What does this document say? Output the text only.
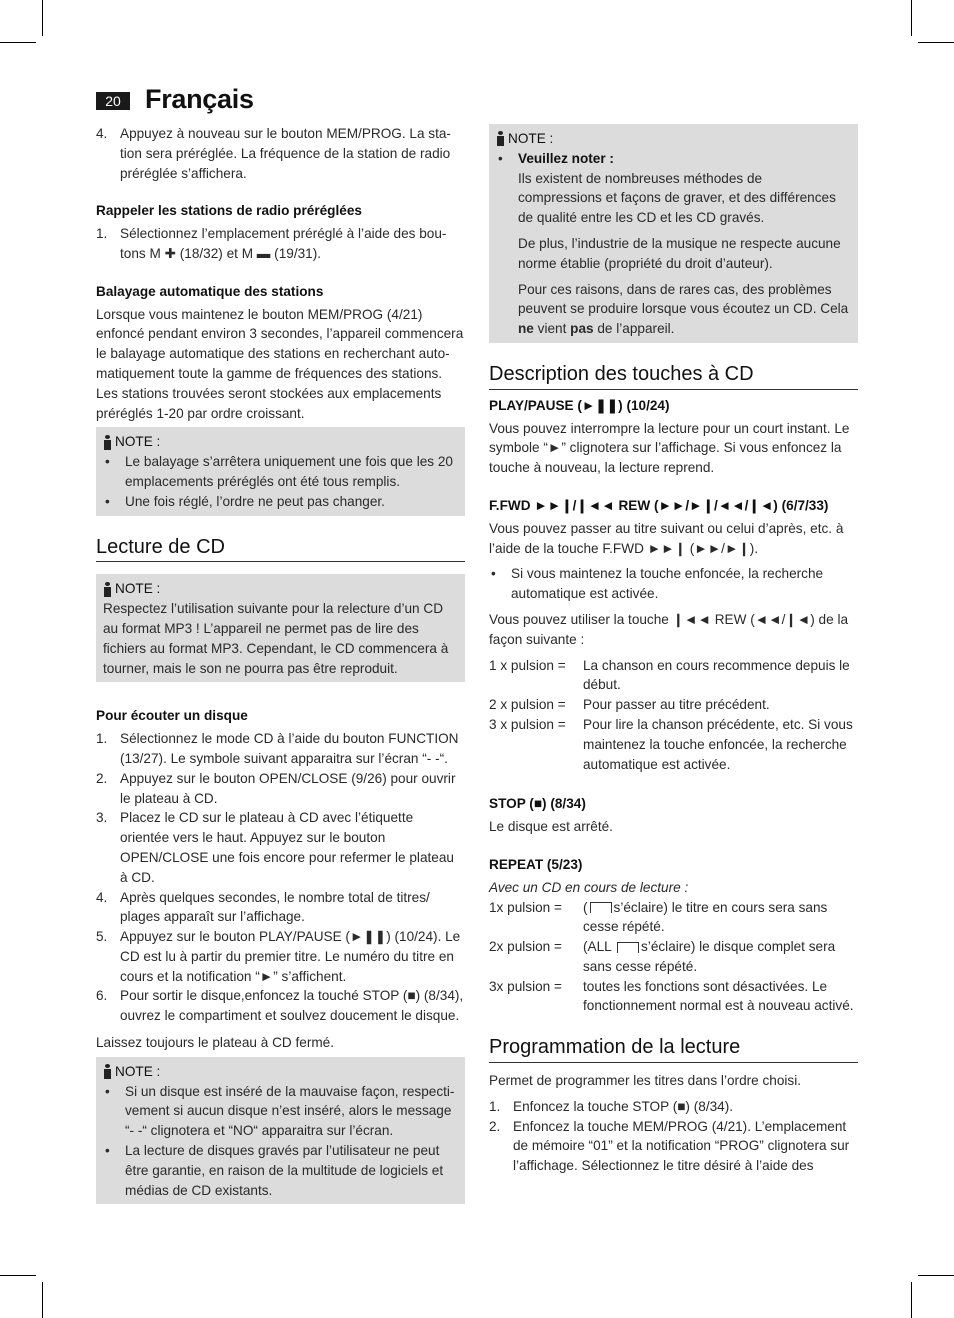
20 Français
4. Appuyez à nouveau sur le bouton MEM/PROG. La sta-tion sera préréglée. La fréquence de la station de radio préréglée s’affichera.
Rappeler les stations de radio préréglées
1. Sélectionnez l’emplacement préréglé à l’aide des bou-tons M ✚ (18/32) et M ▬ (19/31).
Balayage automatique des stations

Lorsque vous maintenez le bouton MEM/PROG (4/21) enfoncé pendant environ 3 secondes, l’appareil commencera le balayage automatique des stations en recherchant auto-matiquement toute la gamme de fréquences des stations. Les stations trouvées seront stockées aux emplacements préréglés 1-20 par ordre croissant.

NOTE :
• Le balayage s’arrêtera uniquement une fois que les 20 emplacements préréglés ont été tous remplis.
• Une fois réglé, l’ordre ne peut pas changer.
Lecture de CD
NOTE :

Respectez l’utilisation suivante pour la relecture d’un CD au format MP3 ! L’appareil ne permet pas de lire des fichiers au format MP3. Cependant, le CD commencera à tourner, mais le son ne pourra pas être reproduit.

Pour écouter un disque
1. Sélectionnez le mode CD à l’aide du bouton FUNCTION (13/27). Le symbole suivant apparaitra sur l’écran “- -“.
2. Appuyez sur le bouton OPEN/CLOSE (9/26) pour ouvrir le plateau à CD.
3. Placez le CD sur le plateau à CD avec l’étiquette orientée vers le haut. Appuyez sur le bouton OPEN/CLOSE une fois encore pour refermer le plateau à CD.
4. Après quelques secondes, le nombre total de titres/ plages apparaît sur l’affichage.
5. Appuyez sur le bouton PLAY/PAUSE (►❚❚) (10/24). Le CD est lu à partir du premier titre. Le numéro du titre en cours et la notification “►” s’affichent.
6. Pour sortir le disque,enfoncez la touché STOP (■) (8/34), ouvrez le compartiment et soulvez doucement le disque.

Laissez toujours le plateau à CD fermé.

NOTE :
• Si un disque est inséré de la mauvaise façon, respecti-vement si aucun disque n’est inséré, alors le message “- -“ clignotera et “NO“ apparaitra sur l’écran.
• La lecture de disques gravés par l’utilisateur ne peut être garantie, en raison de la multitude de logiciels et médias de CD existants.
NOTE :
• Veuillez noter :

Ils existent de nombreuses méthodes de compressions et façons de graver, et des différences de qualité entre les CD et les CD gravés.

De plus, l’industrie de la musique ne respecte aucune norme établie (propriété du droit d’auteur).

Pour ces raisons, dans de rares cas, des problèmes peuvent se produire lorsque vous écoutez un CD. Cela ne vient pas de l’appareil.

Description des touches à CD
PLAY/PAUSE (►❚❚) (10/24)

Vous pouvez interrompre la lecture pour un court instant. Le symbole “►” clignotera sur l’affichage. Si vous enfoncez la touche à nouveau, la lecture reprend.

F.FWD ►►❙/❙◄◄ REW (►►/►❙/◄◄/❙◄) (6/7/33)

Vous pouvez passer au titre suivant ou celui d’après, etc. à l’aide de la touche F.FWD ►►❙ (►►/►❙).

• Si vous maintenez la touche enfoncée, la recherche automatique est activée.

Vous pouvez utiliser la touche ❙◄◄ REW (◄◄/❙◄) de la façon suivante :

1 x pulsion =	La chanson en cours recommence depuis le début.
2 x pulsion =	Pour passer au titre précédent.
3 x pulsion =	Pour lire la chanson précédente, etc. Si vous maintenez la touche enfoncée, la recherche automatique est activée.
STOP (■) (8/34)

Le disque est arrêté.

REPEAT (5/23)

Avec un CD en cours de lecture :

1x pulsion =	( s’éclaire) le titre en cours sera sans cesse répété.
2x pulsion =	(ALL s’éclaire) le disque complet sera sans cesse répété.
3x pulsion =	toutes les fonctions sont désactivées. Le fonctionnement normal est à nouveau activé.
Programmation de la lecture

Permet de programmer les titres dans l’ordre choisi.

1. Enfoncez la touche STOP (■) (8/34).
2. Enfoncez la touche MEM/PROG (4/21). L’emplacement de mémoire “01” et la notification “PROG” clignotera sur l’affichage. Sélectionnez le titre désiré à l’aide des
